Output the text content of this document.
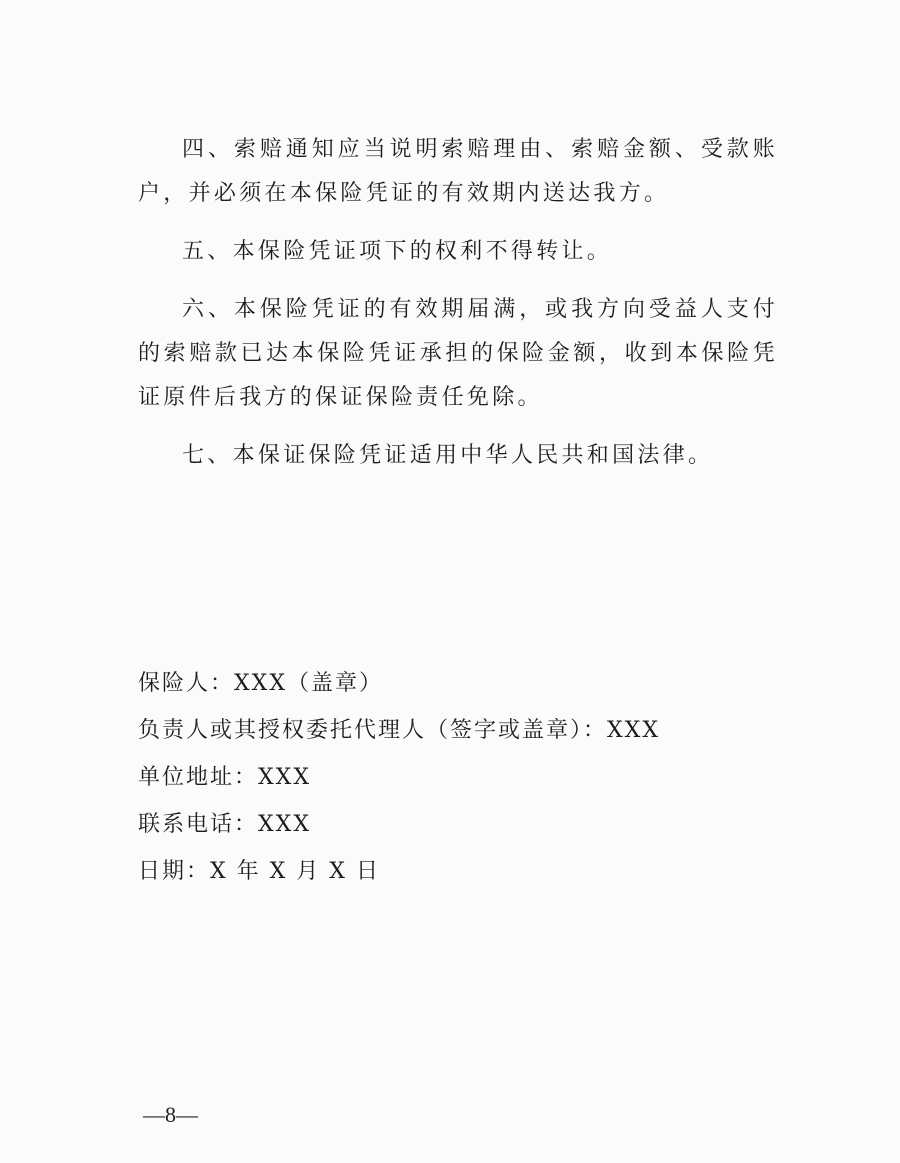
四、索赔通知应当说明索赔理由、索赔金额、受款账户，并必须在本保险凭证的有效期内送达我方。

五、本保险凭证项下的权利不得转让。

六、本保险凭证的有效期届满，或我方向受益人支付的索赔款已达本保险凭证承担的保险金额，收到本保险凭证原件后我方的保证保险责任免除。

七、本保证保险凭证适用中华人民共和国法律。

保险人：XXX（盖章）
负责人或其授权委托代理人（签字或盖章）：XXX
单位地址：XXX
联系电话：XXX
日期：X 年 X 月 X 日
—8—
